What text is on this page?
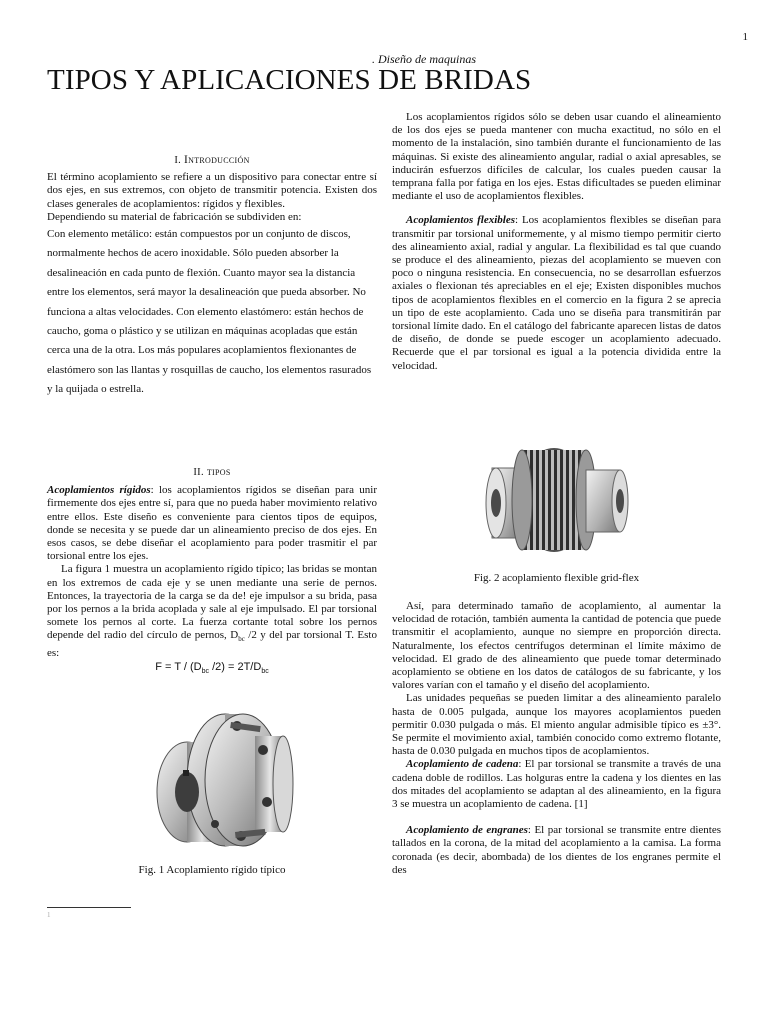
1
. Diseño de maquinas
TIPOS Y APLICACIONES DE BRIDAS
I. Introducción

El término acoplamiento se refiere a un dispositivo para conectar entre sí dos ejes, en sus extremos, con objeto de transmitir potencia. Existen dos clases generales de acoplamientos: rígidos y flexibles.

Dependiendo su material de fabricación se subdividen en:

Con elemento metálico: están compuestos por un conjunto de discos, normalmente hechos de acero inoxidable. Sólo pueden absorber la desalineación en cada punto de flexión. Cuanto mayor sea la distancia entre los elementos, será mayor la desalineación que pueda absorber. No funciona a altas velocidades. Con elemento elastómero: están hechos de caucho, goma o plástico y se utilizan en máquinas acopladas que están cerca una de la otra. Los más populares acoplamientos flexionantes de elastómero son las llantas y rosquillas de caucho, los elementos rasurados y la quijada o estrella.

II. tipos

Acoplamientos rígidos: los acoplamientos rígidos se diseñan para unir firmemente dos ejes entre sí, para que no pueda haber movimiento relativo entre ellos. Este diseño es conveniente para cientos tipos de equipos, donde se necesita y se puede dar un alineamiento preciso de dos ejes. En esos casos, se debe diseñar el acoplamiento para poder trasmitir el par torsional entre los ejes.

La figura 1 muestra un acoplamiento rígido típico; las bridas se montan en los extremos de cada eje y se unen mediante una serie de pernos. Entonces, la trayectoria de la carga se da de! eje impulsor a su brida, pasa por los pernos a la brida acoplada y sale al eje impulsado. El par torsional somete los pernos al corte. La fuerza cortante total sobre los pernos depende del radio del círculo de pernos, $D_{bc}$ /2 y del par torsional T. Esto es:

$F = T / (D_{bc}$ $/2) = 2T/D_{bc}$
Fig. 1 Acoplamiento rígido típico
1

Los acoplamientos rígidos sólo se deben usar cuando el alineamiento de los dos ejes se pueda mantener con mucha exactitud, no sólo en el momento de la instalación, sino también durante el funcionamiento de las máquinas. Si existe des alineamiento angular, radial o axial apresables, se inducirán esfuerzos difíciles de calcular, los cuales pueden causar la temprana falla por fatiga en los ejes. Estas dificultades se pueden eliminar mediante el uso de acoplamientos flexibles.

Acoplamientos flexibles: Los acoplamientos flexibles se diseñan para transmitir par torsional uniformemente, y al mismo tiempo permitir cierto des alineamiento axial, radial y angular. La flexibilidad es tal que cuando se produce el des alineamiento, piezas del acoplamiento se mueven con poco o ninguna resistencia. En consecuencia, no se desarrollan esfuerzos axiales o flexionan tés apreciables en el eje; Existen disponibles muchos tipos de acoplamientos flexibles en el comercio en la figura 2 se aprecia un tipo de este acoplamiento. Cada uno se diseña para transmitirán par torsional límite dado. En el catálogo del fabricante aparecen listas de datos de diseño, de donde se puede escoger un acoplamiento adecuado. Recuerde que el par torsional es igual a la potencia dividida entre la velocidad.

Fig. 2 acoplamiento flexible grid-flex

Así, para determinado tamaño de acoplamiento, al aumentar la velocidad de rotación, también aumenta la cantidad de potencia que puede transmitir el acoplamiento, aunque no siempre en proporción directa. Naturalmente, los efectos centrífugos determinan el límite máximo de velocidad. El grado de des alineamiento que puede tomar determinado acoplamiento se obtiene en los datos de catálogos de su fabricante, y los valores varían con el tamaño y el diseño del acoplamiento.

Las unidades pequeñas se pueden limitar a des alineamiento paralelo hasta de 0.005 pulgada, aunque los mayores acoplamientos pueden permitir 0.030 pulgada o más. El miento angular admisible típico es ±3°. Se permite el movimiento axial, también conocido como extremo flotante, hasta de 0.030 pulgada en muchos tipos de acoplamientos.

Acoplamiento de cadena: El par torsional se transmite a través de una cadena doble de rodillos. Las holguras entre la cadena y los dientes en las dos mitades del acoplamiento se adaptan al des alineamiento, en la figura 3 se muestra un acoplamiento de cadena. [1]

Acoplamiento de engranes: El par torsional se transmite entre dientes tallados en la corona, de la mitad del acoplamiento a la camisa. La forma coronada (es decir, abombada) de los dientes de los engranes permite el des
